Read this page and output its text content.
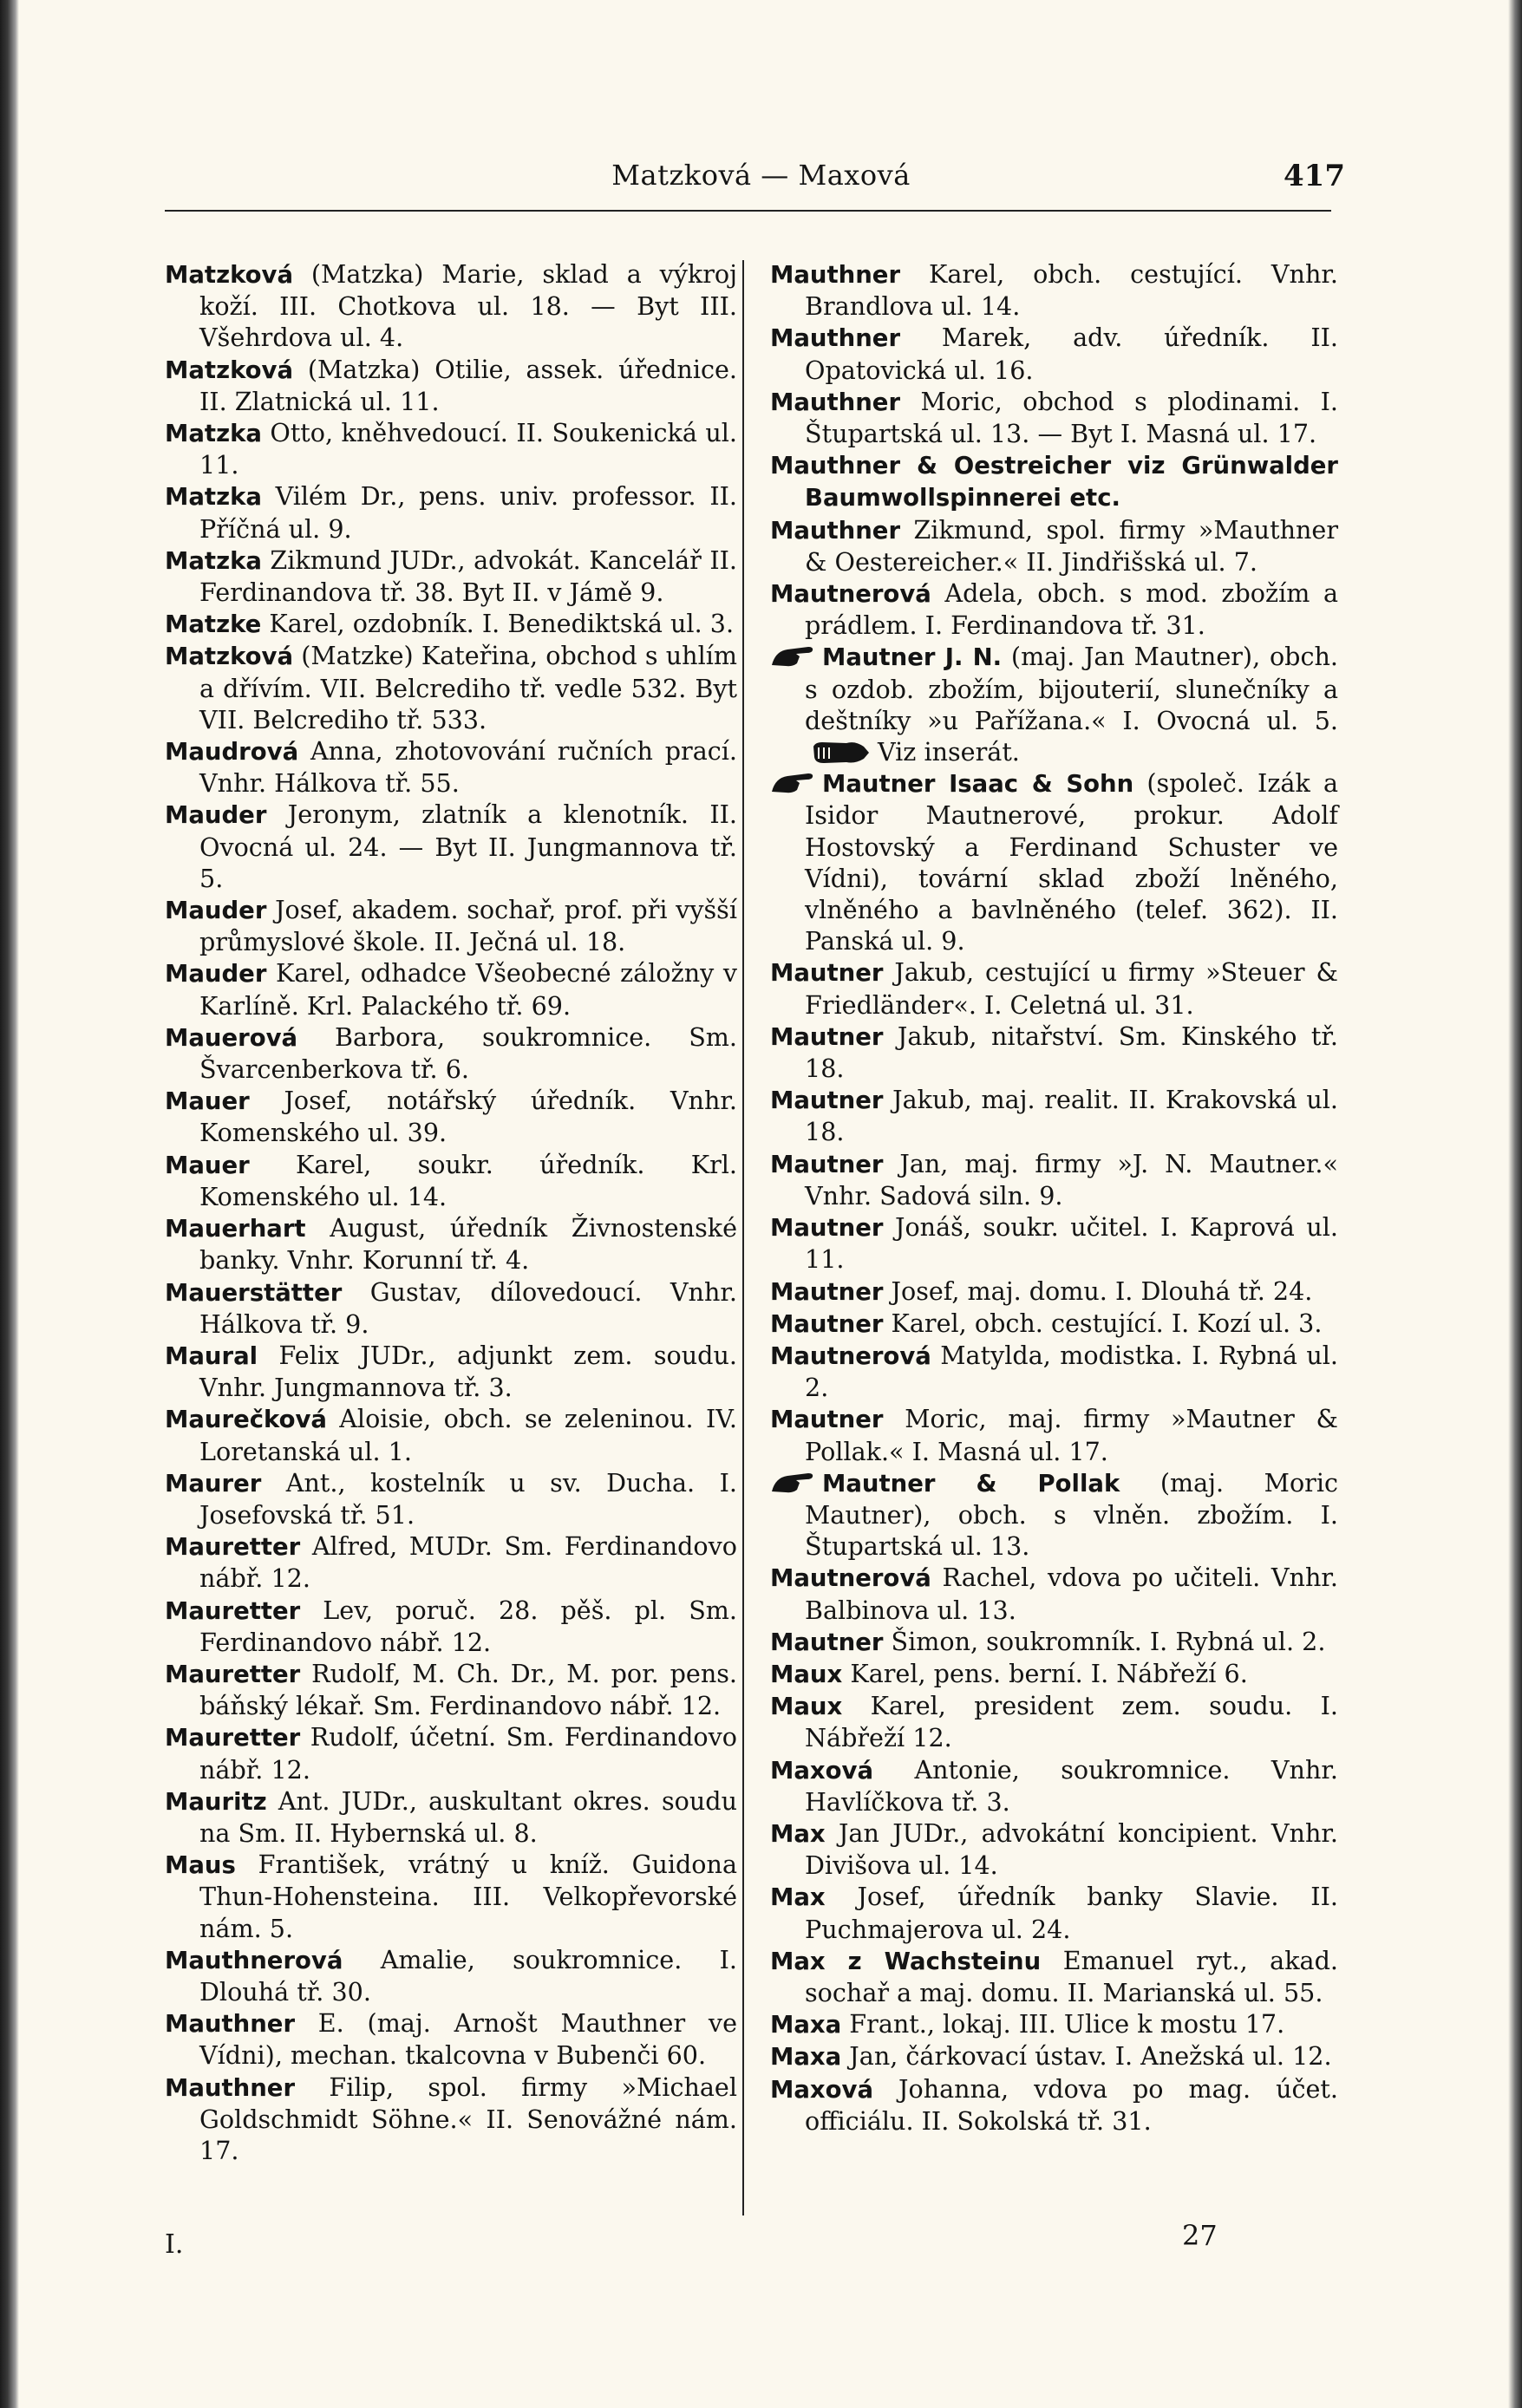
Matzková — Maxová	417

Matzková (Matzka) Marie, sklad a výkroj koží. III. Chotkova ul. 18. — Byt III. Všehrdova ul. 4.

Matzková (Matzka) Otilie, assek. úřednice. II. Zlatnická ul. 11.

Matzka Otto, kněhvedoucí. II. Soukenická ul. 11.

Matzka Vilém Dr., pens. univ. professor. II. Příčná ul. 9.

Matzka Zikmund JUDr., advokát. Kancelář II. Ferdinandova tř. 38. Byt II. v Jámě 9.

Matzke Karel, ozdobník. I. Benediktská ul. 3.

Matzková (Matzke) Kateřina, obchod s uhlím a dřívím. VII. Belcrediho tř. vedle 532. Byt VII. Belcrediho tř. 533.

Maudrová Anna, zhotovování ručních prací. Vnhr. Hálkova tř. 55.

Mauder Jeronym, zlatník a klenotník. II. Ovocná ul. 24. — Byt II. Jungmannova tř. 5.

Mauder Josef, akadem. sochař, prof. při vyšší průmyslové škole. II. Ječná ul. 18.

Mauder Karel, odhadce Všeobecné záložny v Karlíně. Krl. Palackého tř. 69.

Mauerová Barbora, soukromnice. Sm. Švarcenberkova tř. 6.

Mauer Josef, notářský úředník. Vnhr. Komenského ul. 39.

Mauer Karel, soukr. úředník. Krl. Komenského ul. 14.

Mauerhart August, úředník Živnostenské banky. Vnhr. Korunní tř. 4.

Mauerstätter Gustav, dílovedoucí. Vnhr. Hálkova tř. 9.

Maural Felix JUDr., adjunkt zem. soudu. Vnhr. Jungmannova tř. 3.

Maurečková Aloisie, obch. se zeleninou. IV. Loretanská ul. 1.

Maurer Ant., kostelník u sv. Ducha. I. Josefovská tř. 51.

Mauretter Alfred, MUDr. Sm. Ferdinandovo nábř. 12.

Mauretter Lev, poruč. 28. pěš. pl. Sm. Ferdinandovo nábř. 12.

Mauretter Rudolf, M. Ch. Dr., M. por. pens. báňský lékař. Sm. Ferdinandovo nábř. 12.

Mauretter Rudolf, účetní. Sm. Ferdinandovo nábř. 12.

Mauritz Ant. JUDr., auskultant okres. soudu na Sm. II. Hybernská ul. 8.

Maus František, vrátný u kníž. Guidona Thun-Hohensteina. III. Velkopřevorské nám. 5.

Mauthnerová Amalie, soukromnice. I. Dlouhá tř. 30.

Mauthner E. (maj. Arnošt Mauthner ve Vídni), mechan. tkalcovna v Bubenči 60.

Mauthner Filip, spol. firmy »Michael Goldschmidt Söhne.« II. Senovážné nám. 17.

Mauthner Karel, obch. cestující. Vnhr. Brandlova ul. 14.

Mauthner Marek, adv. úředník. II. Opatovická ul. 16.

Mauthner Moric, obchod s plodinami. I. Štupartská ul. 13. — Byt I. Masná ul. 17.

Mauthner & Oestreicher viz Grünwalder Baumwollspinnerei etc.

Mauthner Zikmund, spol. firmy »Mauthner & Oestereicher.« II. Jindřišská ul. 7.

Mautnerová Adela, obch. s mod. zbožím a prádlem. I. Ferdinandova tř. 31.

Mautner J. N. (maj. Jan Mautner), obch. s ozdob. zbožím, bijouterií, slunečníky a deštníky »u Pařížana.« I. Ovocná ul. 5.Viz inserát.

Mautner Isaac & Sohn (společ. Izák a Isidor Mautnerové, prokur. Adolf Hostovský a Ferdinand Schuster ve Vídni), tovární sklad zboží lněného, vlněného a bavlněného (telef. 362). II. Panská ul. 9.

Mautner Jakub, cestující u firmy »Steuer & Friedländer«. I. Celetná ul. 31.

Mautner Jakub, nitařství. Sm. Kinského tř. 18.

Mautner Jakub, maj. realit. II. Krakovská ul. 18.

Mautner Jan, maj. firmy »J. N. Mautner.« Vnhr. Sadová siln. 9.

Mautner Jonáš, soukr. učitel. I. Kaprová ul. 11.

Mautner Josef, maj. domu. I. Dlouhá tř. 24.

Mautner Karel, obch. cestující. I. Kozí ul. 3.

Mautnerová Matylda, modistka. I. Rybná ul. 2.

Mautner Moric, maj. firmy »Mautner & Pollak.« I. Masná ul. 17.

Mautner & Pollak (maj. Moric Mautner), obch. s vlněn. zbožím. I. Štupartská ul. 13.

Mautnerová Rachel, vdova po učiteli. Vnhr. Balbinova ul. 13.

Mautner Šimon, soukromník. I. Rybná ul. 2.

Maux Karel, pens. berní. I. Nábřeží 6.

Maux Karel, president zem. soudu. I. Nábřeží 12.

Maxová Antonie, soukromnice. Vnhr. Havlíčkova tř. 3.

Max Jan JUDr., advokátní koncipient. Vnhr. Divišova ul. 14.

Max Josef, úředník banky Slavie. II. Puchmajerova ul. 24.

Max z Wachsteinu Emanuel ryt., akad. sochař a maj. domu. II. Marianská ul. 55.

Maxa Frant., lokaj. III. Ulice k mostu 17.

Maxa Jan, čárkovací ústav. I. Anežská ul. 12.

Maxová Johanna, vdova po mag. účet. officiálu. II. Sokolská tř. 31.

I.	27
